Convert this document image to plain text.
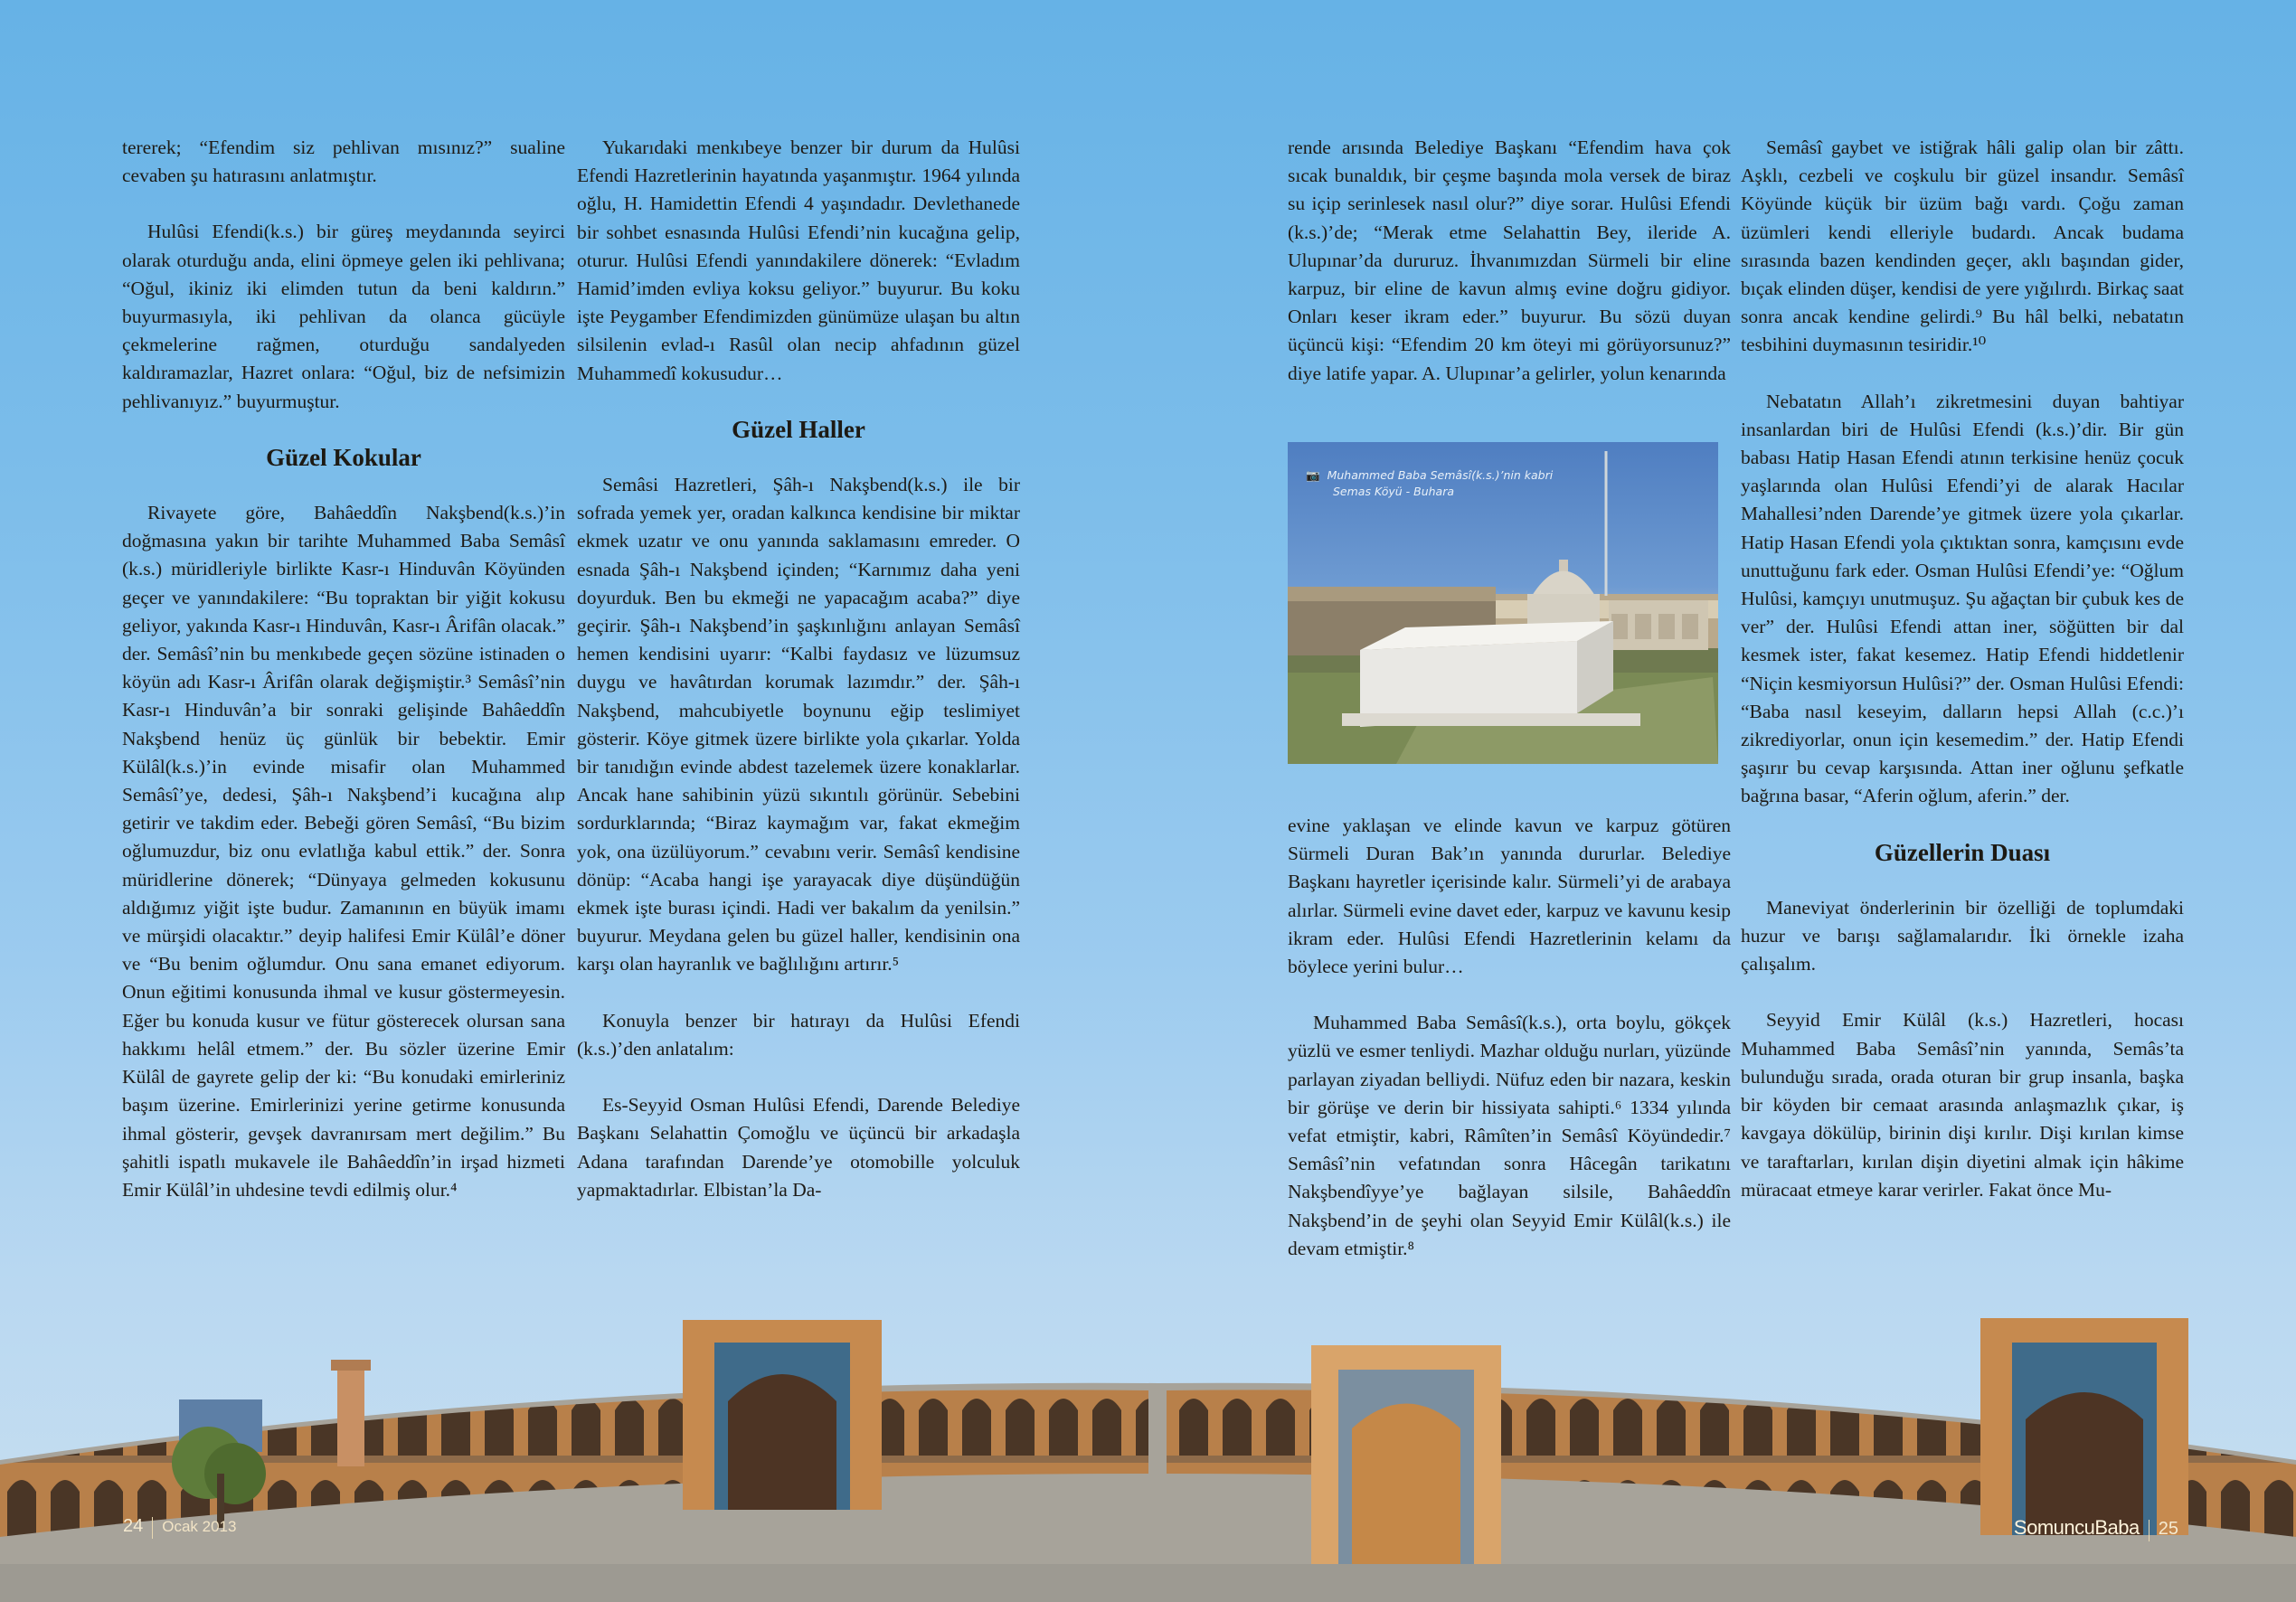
tererek; “Efendim siz pehlivan mısınız?” sualine cevaben şu hatırasını anlatmıştır.

Hulûsi Efendi(k.s.) bir güreş meydanında seyirci olarak oturduğu anda, elini öpmeye gelen iki pehlivana; “Oğul, ikiniz iki elimden tutun da beni kaldırın.” buyurmasıyla, iki pehlivan da olanca gücüyle çekmelerine rağmen, oturduğu sandalyeden kaldıramazlar, Hazret onlara: “Oğul, biz de nefsimizin pehlivanıyız.” buyurmuştur.

Güzel Kokular

Rivayete göre, Bahâeddîn Nakşbend(k.s.)’in doğmasına yakın bir tarihte Muhammed Baba Semâsî (k.s.) müridleriyle birlikte Kasr-ı Hinduvân Köyünden geçer ve yanındakilere: “Bu topraktan bir yiğit kokusu geliyor, yakında Kasr-ı Hinduvân, Kasr-ı Ârifân olacak.” der. Semâsî’nin bu menkıbede geçen sözüne istinaden o köyün adı Kasr-ı Ârifân olarak değişmiştir.³ Semâsî’nin Kasr-ı Hinduvân’a bir sonraki gelişinde Bahâeddîn Nakşbend henüz üç günlük bir bebektir. Emir Külâl(k.s.)’in evinde misafir olan Muhammed Semâsî’ye, dedesi, Şâh-ı Nakşbend’i kucağına alıp getirir ve takdim eder. Bebeği gören Semâsî, “Bu bizim oğlumuzdur, biz onu evlatlığa kabul ettik.” der. Sonra müridlerine dönerek; “Dünyaya gelmeden kokusunu aldığımız yiğit işte budur. Zamanının en büyük imamı ve mürşidi olacaktır.” deyip halifesi Emir Külâl’e döner ve “Bu benim oğlumdur. Onu sana emanet ediyorum. Onun eğitimi konusunda ihmal ve kusur göstermeyesin. Eğer bu konuda kusur ve fütur gösterecek olursan sana hakkımı helâl etmem.” der. Bu sözler üzerine Emir Külâl de gayrete gelip der ki: “Bu konudaki emirleriniz başım üzerine. Emirlerinizi yerine getirme konusunda ihmal gösterir, gevşek davranırsam mert değilim.” Bu şahitli ispatlı mukavele ile Bahâeddîn’in irşad hizmeti Emir Külâl’in uhdesine tevdi edilmiş olur.⁴

Yukarıdaki menkıbeye benzer bir durum da Hulûsi Efendi Hazretlerinin hayatında yaşanmıştır. 1964 yılında oğlu, H. Hamidettin Efendi 4 yaşındadır. Devlethanede bir sohbet esnasında Hulûsi Efendi’nin kucağına gelip, oturur. Hulûsi Efendi yanındakilere dönerek: “Evladım Hamid’imden evliya koksu geliyor.” buyurur. Bu koku işte Peygamber Efendimizden günümüze ulaşan bu altın silsilenin evlad-ı Rasûl olan necip ahfadının güzel Muhammedî kokusudur…

Güzel Haller

Semâsi Hazretleri, Şâh-ı Nakşbend(k.s.) ile bir sofrada yemek yer, oradan kalkınca kendisine bir miktar ekmek uzatır ve onu yanında saklamasını emreder. O esnada Şâh-ı Nakşbend içinden; “Karnımız daha yeni doyurduk. Ben bu ekmeği ne yapacağım acaba?” diye geçirir. Şâh-ı Nakşbend’in şaşkınlığını anlayan Semâsî hemen kendisini uyarır: “Kalbi faydasız ve lüzumsuz duygu ve havâtırdan korumak lazımdır.” der. Şâh-ı Nakşbend, mahcubiyetle boynunu eğip teslimiyet gösterir. Köye gitmek üzere birlikte yola çıkarlar. Yolda bir tanıdığın evinde abdest tazelemek üzere konaklarlar. Ancak hane sahibinin yüzü sıkıntılı görünür. Sebebini sordurklarında; “Biraz kaymağım var, fakat ekmeğim yok, ona üzülüyorum.” cevabını verir. Semâsî kendisine dönüp: “Acaba hangi işe yarayacak diye düşündüğün ekmek işte burası içindi. Hadi ver bakalım da yenilsin.” buyurur. Meydana gelen bu güzel haller, kendisinin ona karşı olan hayranlık ve bağlılığını artırır.⁵

Konuyla benzer bir hatırayı da Hulûsi Efendi (k.s.)’den anlatalım:

Es-Seyyid Osman Hulûsi Efendi, Darende Belediye Başkanı Selahattin Çomoğlu ve üçüncü bir arkadaşla Adana tarafından Darende’ye otomobille yolculuk yapmaktadırlar. Elbistan’la Da-

rende arısında Belediye Başkanı “Efendim hava çok sıcak bunaldık, bir çeşme başında mola versek de biraz su içip serinlesek nasıl olur?” diye sorar. Hulûsi Efendi (k.s.)’de; “Merak etme Selahattin Bey, ileride A. Ulupınar’da dururuz. İhvanımızdan Sürmeli bir eline karpuz, bir eline de kavun almış evine doğru gidiyor. Onları keser ikram eder.” buyurur. Bu sözü duyan üçüncü kişi: “Efendim 20 km öteyi mi görüyorsunuz?” diye latife yapar. A. Ulupınar’a gelirler, yolun kenarında

📷 Muhammed Baba Semâsî(k.s.)’nin kabri
Semas Köyü - Buhara

evine yaklaşan ve elinde kavun ve karpuz götüren Sürmeli Duran Bak’ın yanında dururlar. Belediye Başkanı hayretler içerisinde kalır. Sürmeli’yi de arabaya alırlar. Sürmeli evine davet eder, karpuz ve kavunu kesip ikram eder. Hulûsi Efendi Hazretlerinin kelamı da böylece yerini bulur…

Muhammed Baba Semâsî(k.s.), orta boylu, gökçek yüzlü ve esmer tenliydi. Mazhar olduğu nurları, yüzünde parlayan ziyadan belliydi. Nüfuz eden bir nazara, keskin bir görüşe ve derin bir hissiyata sahipti.⁶ 1334 yılında vefat etmiştir, kabri, Râmîten’in Semâsî Köyündedir.⁷ Semâsî’nin vefatından sonra Hâcegân tarikatını Nakşbendîyye’ye bağlayan silsile, Bahâeddîn Nakşbend’in de şeyhi olan Seyyid Emir Külâl(k.s.) ile devam etmiştir.⁸

Semâsî gaybet ve istiğrak hâli galip olan bir zâttı. Aşklı, cezbeli ve coşkulu bir güzel insandır. Semâsî Köyünde küçük bir üzüm bağı vardı. Çoğu zaman üzümleri kendi elleriyle budardı. Ancak budama sırasında bazen kendinden geçer, aklı başından gider, bıçak elinden düşer, kendisi de yere yığılırdı. Birkaç saat sonra ancak kendine gelirdi.⁹ Bu hâl belki, nebatatın tesbihini duymasının tesiridir.¹⁰

Nebatatın Allah’ı zikretmesini duyan bahtiyar insanlardan biri de Hulûsi Efendi (k.s.)’dir. Bir gün babası Hatip Hasan Efendi atının terkisine henüz çocuk yaşlarında olan Hulûsi Efendi’yi de alarak Hacılar Mahallesi’nden Darende’ye gitmek üzere yola çıkarlar. Hatip Hasan Efendi yola çıktıktan sonra, kamçısını evde unuttuğunu fark eder. Osman Hulûsi Efendi’ye: “Oğlum Hulûsi, kamçıyı unutmuşuz. Şu ağaçtan bir çubuk kes de ver” der. Hulûsi Efendi attan iner, söğütten bir dal kesmek ister, fakat kesemez. Hatip Efendi hiddetlenir “Niçin kesmiyorsun Hulûsi?” der. Osman Hulûsi Efendi: “Baba nasıl keseyim, dalların hepsi Allah (c.c.)’ı zikrediyorlar, onun için kesemedim.” der. Hatip Efendi şaşırır bu cevap karşısında. Attan iner oğlunu şefkatle bağrına basar, “Aferin oğlum, aferin.” der.

Güzellerin Duası

Maneviyat önderlerinin bir özelliği de toplumdaki huzur ve barışı sağlamalarıdır. İki örnekle izaha çalışalım.

Seyyid Emir Külâl (k.s.) Hazretleri, hocası Muhammed Baba Semâsî’nin yanında, Semâs’ta bulunduğu sırada, orada oturan bir grup insanla, başka bir köyden bir cemaat arasında anlaşmazlık çıkar, iş kavgaya dökülüp, birinin dişi kırılır. Dişi kırılan kimse ve taraftarları, kırılan dişin diyetini almak için hâkime müracaat etmeye karar verirler. Fakat önce Mu-

24 Ocak 2013	SomuncuBaba 25
